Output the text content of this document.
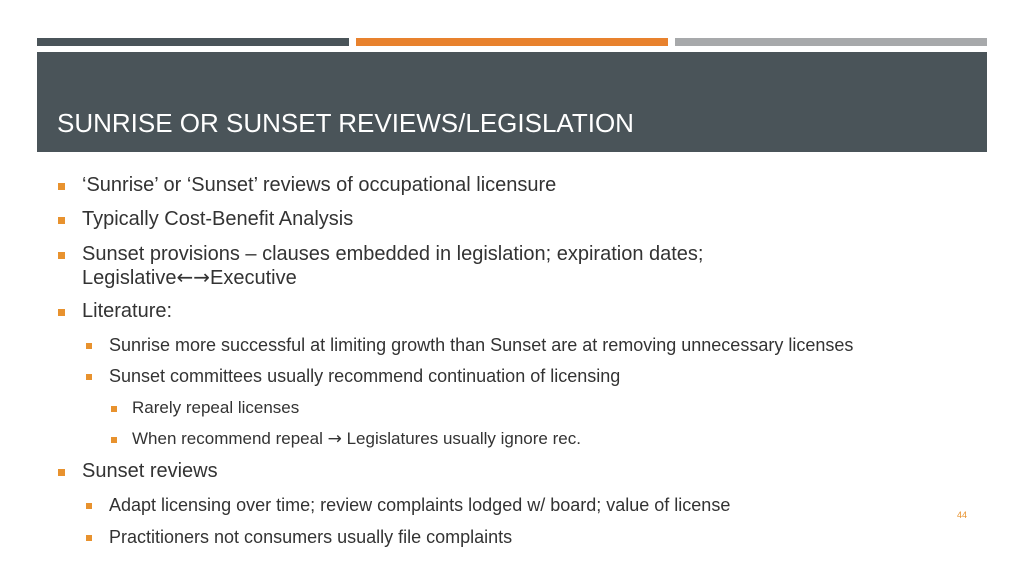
SUNRISE OR SUNSET REVIEWS/LEGISLATION
‘Sunrise’ or ‘Sunset’ reviews of occupational licensure
Typically Cost-Benefit Analysis
Sunset provisions – clauses embedded in legislation; expiration dates;
Legislative←→Executive
Literature:
Sunrise more successful at limiting growth than Sunset are at removing unnecessary licenses
Sunset committees usually recommend continuation of licensing
Rarely repeal licenses
When recommend repeal → Legislatures usually ignore rec.
Sunset reviews
Adapt licensing over time; review complaints lodged w/ board; value of license
Practitioners not consumers usually file complaints
44
